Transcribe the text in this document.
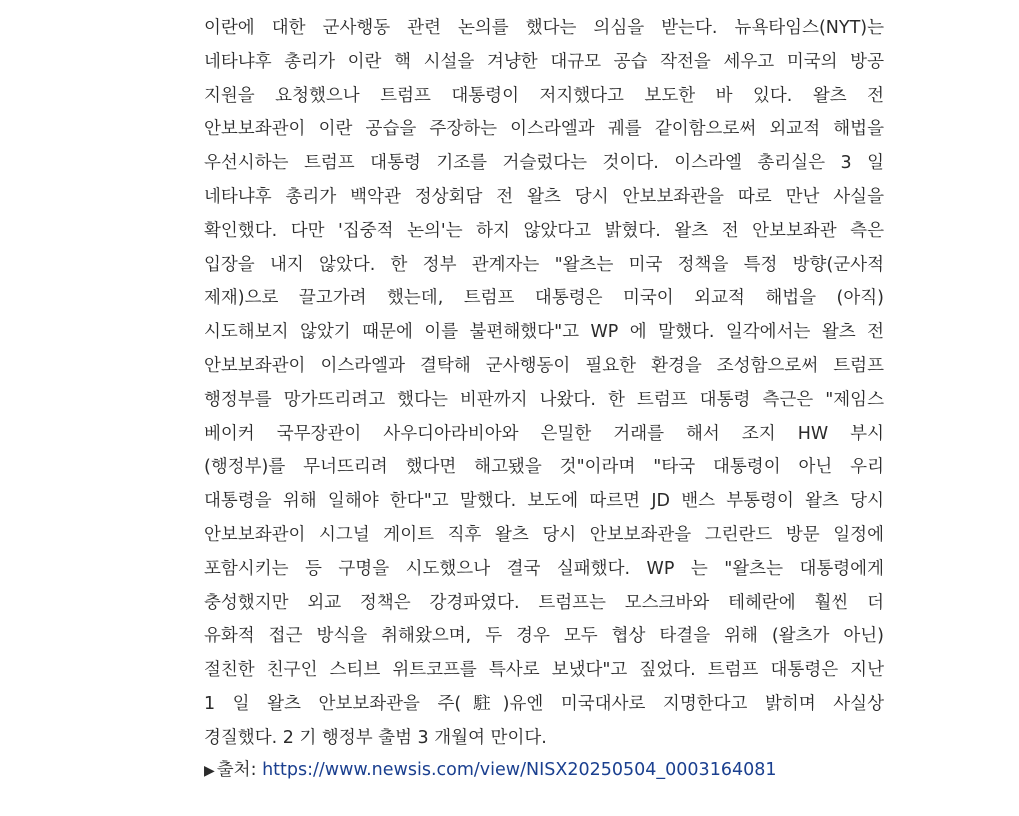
이란에 대한 군사행동 관련 논의를 했다는 의심을 받는다. 뉴욕타임스(NYT)는
네타냐후 총리가 이란 핵 시설을 겨냥한 대규모 공습 작전을 세우고 미국의 방공
지원을 요청했으나 트럼프 대통령이 저지했다고 보도한 바 있다. 왈츠 전
안보보좌관이 이란 공습을 주장하는 이스라엘과 궤를 같이함으로써 외교적 해법을
우선시하는 트럼프 대통령 기조를 거슬렀다는 것이다. 이스라엘 총리실은 3 일
네타냐후 총리가 백악관 정상회담 전 왈츠 당시 안보보좌관을 따로 만난 사실을
확인했다. 다만 '집중적 논의'는 하지 않았다고 밝혔다. 왈츠 전 안보보좌관 측은
입장을 내지 않았다. 한 정부 관계자는 "왈츠는 미국 정책을 특정 방향(군사적
제재)으로 끌고가려 했는데, 트럼프 대통령은 미국이 외교적 해법을 (아직)
시도해보지 않았기 때문에 이를 불편해했다"고 WP 에 말했다. 일각에서는 왈츠 전
안보보좌관이 이스라엘과 결탁해 군사행동이 필요한 환경을 조성함으로써 트럼프
행정부를 망가뜨리려고 했다는 비판까지 나왔다. 한 트럼프 대통령 측근은 "제임스
베이커 국무장관이 사우디아라비아와 은밀한 거래를 해서 조지 HW 부시
(행정부)를 무너뜨리려 했다면 해고됐을 것"이라며 "타국 대통령이 아닌 우리
대통령을 위해 일해야 한다"고 말했다. 보도에 따르면 JD 밴스 부통령이 왈츠 당시
안보보좌관이 시그널 게이트 직후 왈츠 당시 안보보좌관을 그린란드 방문 일정에
포함시키는 등 구명을 시도했으나 결국 실패했다. WP 는 "왈츠는 대통령에게
충성했지만 외교 정책은 강경파였다. 트럼프는 모스크바와 테헤란에 훨씬 더
유화적 접근 방식을 취해왔으며, 두 경우 모두 협상 타결을 위해 (왈츠가 아닌)
절친한 친구인 스티브 위트코프를 특사로 보냈다"고 짚었다. 트럼프 대통령은 지난
1 일 왈츠 안보보좌관을 주(駐)유엔 미국대사로 지명한다고 밝히며 사실상
경질했다. 2 기 행정부 출범 3 개월여 만이다.
▶ 출처: https://www.newsis.com/view/NISX20250504_0003164081
